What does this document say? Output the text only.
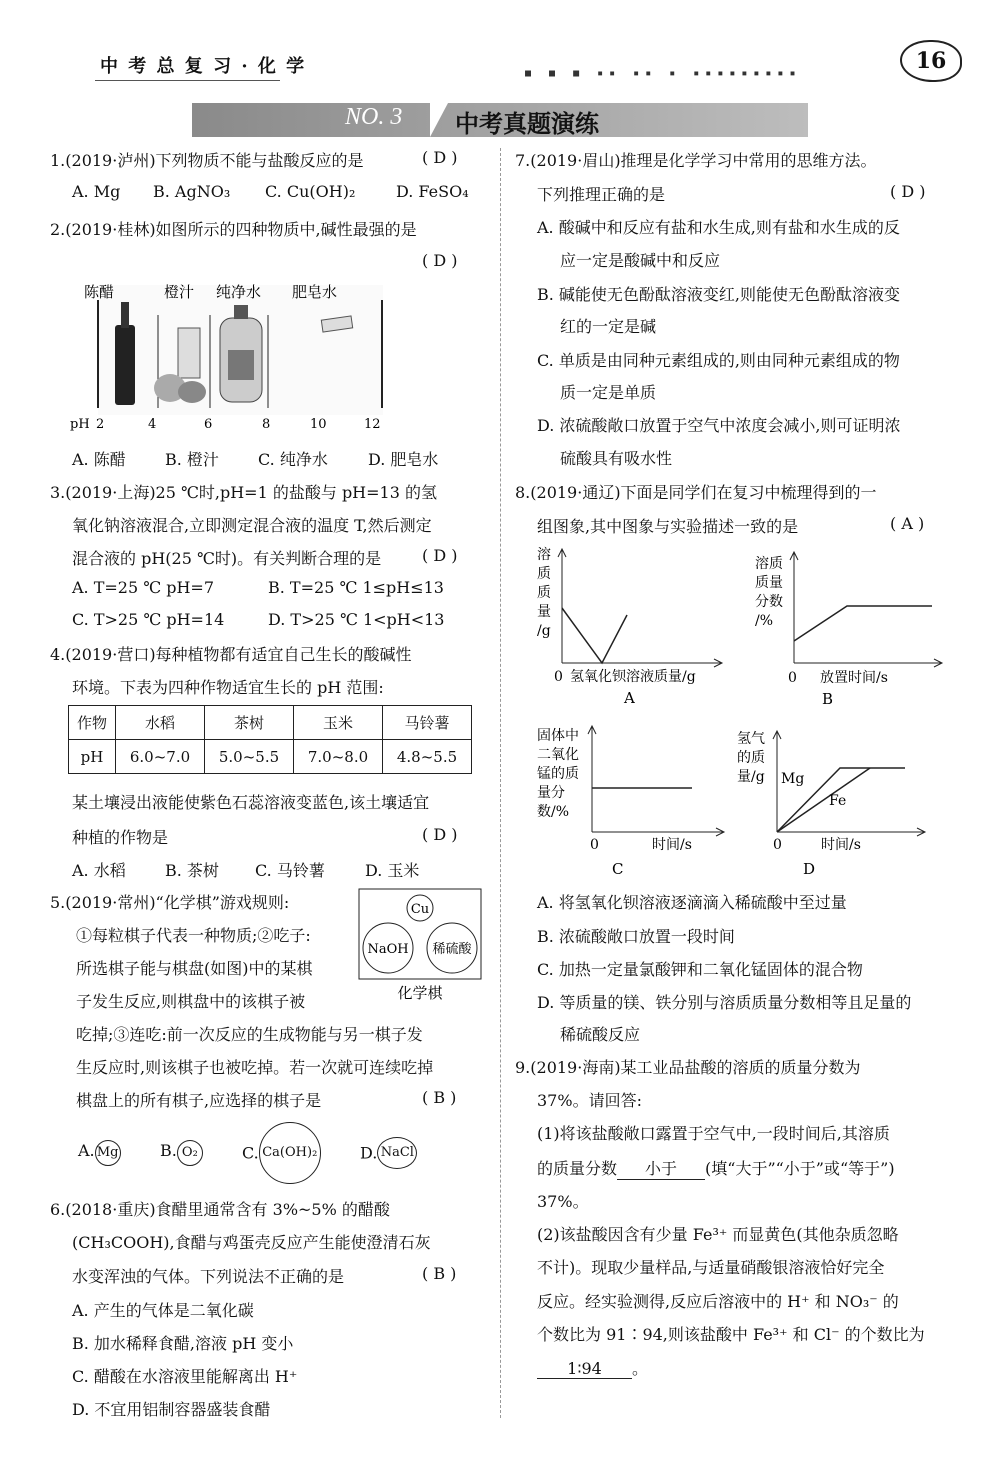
中 考 总 复 习 · 化 学	■ ■ ■ ▪▪ ▪▪ ▪ ▪▪▪▪▪▪▪▪▪	16
NO. 3 中考真题演练
1.(2019·泸州)下列物质不能与盐酸反应的是	( D )
A. Mg B. AgNO₃ C. Cu(OH)₂	D. FeSO₄
2.(2019·桂林)如图所示的四种物质中,碱性最强的是
( D )
陈醋	橙汁 纯净水 肥皂水
pH 2	4	6	8	10	12
A. 陈醋 B. 橙汁 C. 纯净水	D. 肥皂水
3.(2019·上海)25 ℃时,pH=1 的盐酸与 pH=13 的氢
氧化钠溶液混合,立即测定混合液的温度 T,然后测定
混合液的 pH(25 ℃时)。有关判断合理的是	( D )
A. T=25 ℃ pH=7	B. T=25 ℃ 1≤pH≤13
C. T>25 ℃ pH=14	D. T>25 ℃ 1<pH<13
4.(2019·营口)每种植物都有适宜自己生长的酸碱性
环境。下表为四种作物适宜生长的 pH 范围:
作物	水稻	茶树	玉米	马铃薯
pH	6.0~7.0	5.0~5.5	7.0~8.0	4.8~5.5
某土壤浸出液能使紫色石蕊溶液变蓝色,该土壤适宜
种植的作物是	( D )
A. 水稻 B. 茶树 C. 马铃薯	D. 玉米
5.(2019·常州)“化学棋”游戏规则:
①每粒棋子代表一种物质;②吃子:
所选棋子能与棋盘(如图)中的某棋
子发生反应,则棋盘中的该棋子被
吃掉;③连吃:前一次反应的生成物能与另一棋子发
生反应时,则该棋子也被吃掉。若一次就可连续吃掉
棋盘上的所有棋子,应选择的棋子是	( B )
Cu
NaOH 稀硫酸
化学棋
A. Mg	B. O₂	C. Ca(OH)₂	D. NaCl
6.(2018·重庆)食醋里通常含有 3%~5% 的醋酸
(CH₃COOH),食醋与鸡蛋壳反应产生能使澄清石灰
水变浑浊的气体。下列说法不正确的是	( B )
A. 产生的气体是二氧化碳
B. 加水稀释食醋,溶液 pH 变小
C. 醋酸在水溶液里能解离出 H⁺
D. 不宜用铝制容器盛装食醋
7.(2019·眉山)推理是化学学习中常用的思维方法。
下列推理正确的是	( D )
A. 酸碱中和反应有盐和水生成,则有盐和水生成的反
应一定是酸碱中和反应
B. 碱能使无色酚酞溶液变红,则能使无色酚酞溶液变
红的一定是碱
C. 单质是由同种元素组成的,则由同种元素组成的物
质一定是单质
D. 浓硫酸敞口放置于空气中浓度会减小,则可证明浓
硫酸具有吸水性
8.(2019·通辽)下面是同学们在复习中梳理得到的一
组图象,其中图象与实验描述一致的是	( A )
溶
质
质
量
/g
0 氢氧化钡溶液质量/g
A
溶质
质量
分数
/%
0 放置时间/s
B
固体中
二氧化
锰的质
量分
数/%
0	时间/s
C
氢气
的质
量/g Mg
Fe
0	时间/s
D
A. 将氢氧化钡溶液逐滴滴入稀硫酸中至过量
B. 浓硫酸敞口放置一段时间
C. 加热一定量氯酸钾和二氧化锰固体的混合物
D. 等质量的镁、铁分别与溶质质量分数相等且足量的
稀硫酸反应
9.(2019·海南)某工业品盐酸的溶质的质量分数为
37%。请回答:
(1)将该盐酸敞口露置于空气中,一段时间后,其溶质
的质量分数 小于 (填“大于”“小于”或“等于”)
37%。
(2)该盐酸因含有少量 Fe³⁺ 而显黄色(其他杂质忽略
不计)。现取少量样品,与适量硝酸银溶液恰好完全
反应。经实验测得,反应后溶液中的 H⁺ 和 NO₃⁻ 的
个数比为 91∶94,则该盐酸中 Fe³⁺ 和 Cl⁻ 的个数比为
1∶94 。
